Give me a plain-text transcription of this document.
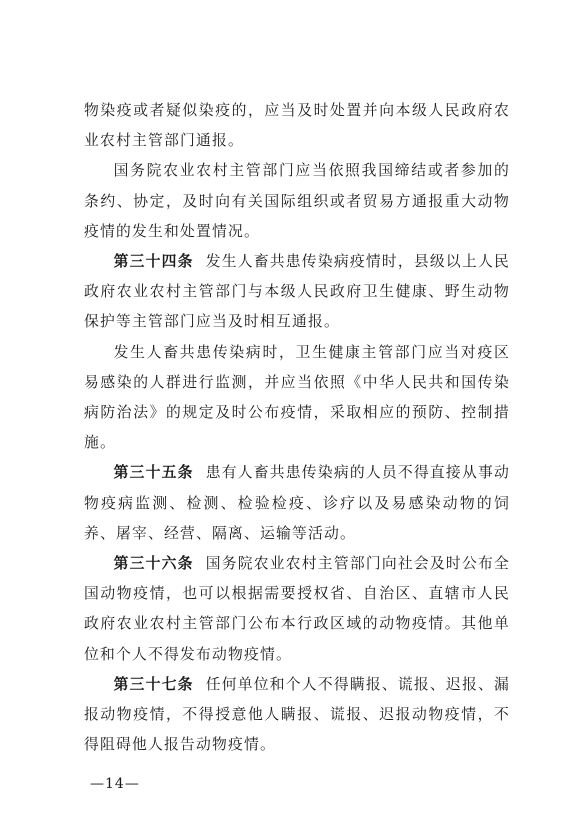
物染疫或者疑似染疫的，应当及时处置并向本级人民政府农业农村主管部门通报。

国务院农业农村主管部门应当依照我国缔结或者参加的条约、协定，及时向有关国际组织或者贸易方通报重大动物疫情的发生和处置情况。

第三十四条 发生人畜共患传染病疫情时，县级以上人民政府农业农村主管部门与本级人民政府卫生健康、野生动物保护等主管部门应当及时相互通报。

发生人畜共患传染病时，卫生健康主管部门应当对疫区易感染的人群进行监测，并应当依照《中华人民共和国传染病防治法》的规定及时公布疫情，采取相应的预防、控制措施。

第三十五条 患有人畜共患传染病的人员不得直接从事动物疫病监测、检测、检验检疫、诊疗以及易感染动物的饲养、屠宰、经营、隔离、运输等活动。

第三十六条 国务院农业农村主管部门向社会及时公布全国动物疫情，也可以根据需要授权省、自治区、直辖市人民政府农业农村主管部门公布本行政区域的动物疫情。其他单位和个人不得发布动物疫情。

第三十七条 任何单位和个人不得瞒报、谎报、迟报、漏报动物疫情，不得授意他人瞒报、谎报、迟报动物疫情，不得阻碍他人报告动物疫情。

—14—
